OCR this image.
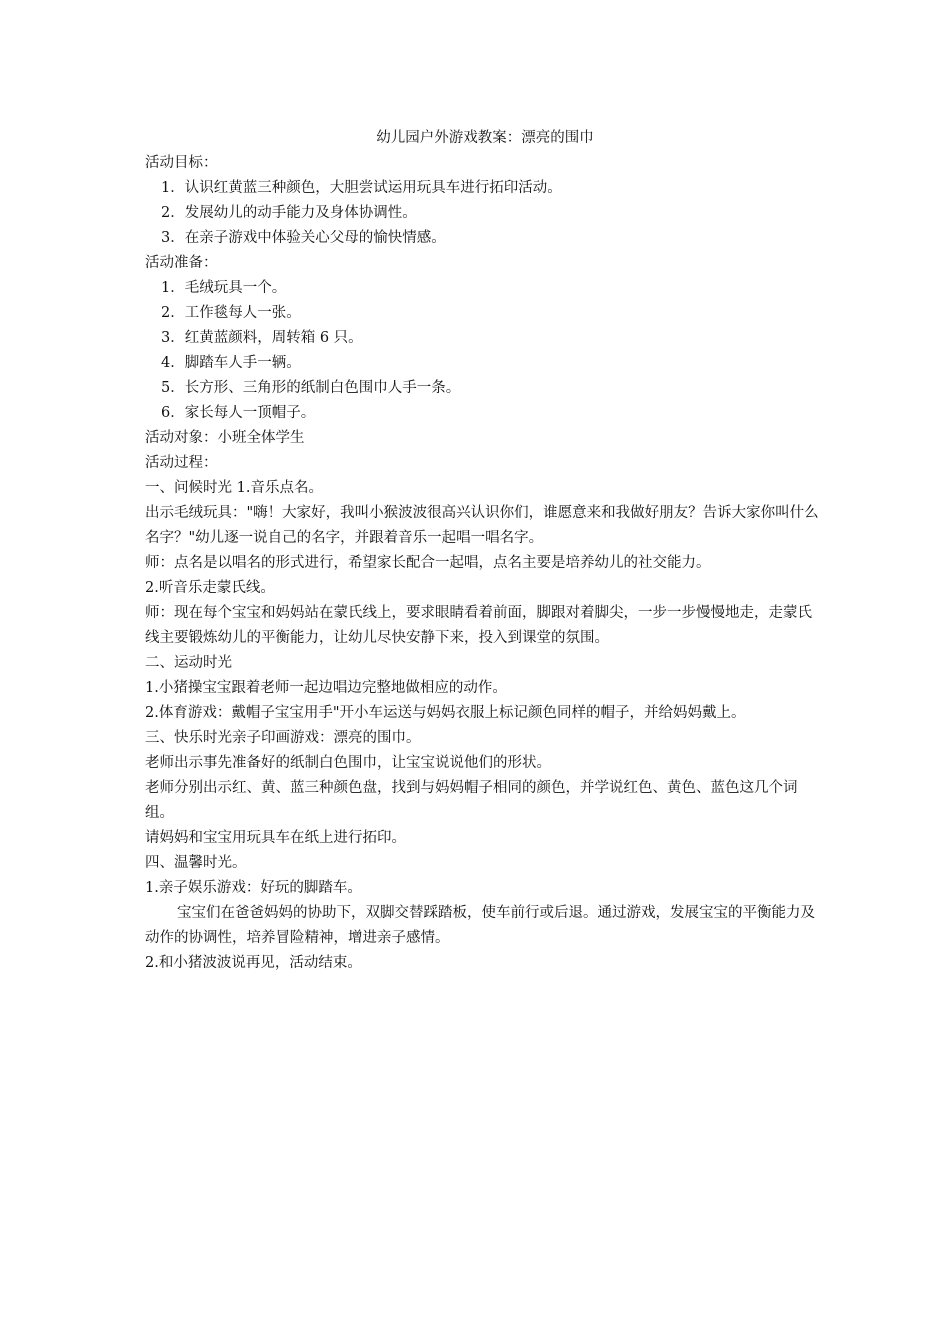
幼儿园户外游戏教案：漂亮的围巾

活动目标：

1．认识红黄蓝三种颜色，大胆尝试运用玩具车进行拓印活动。

2．发展幼儿的动手能力及身体协调性。

3．在亲子游戏中体验关心父母的愉快情感。

活动准备：

1．毛绒玩具一个。

2．工作毯每人一张。

3．红黄蓝颜料，周转箱 6 只。

4．脚踏车人手一辆。

5．长方形、三角形的纸制白色围巾人手一条。

6．家长每人一顶帽子。

活动对象：小班全体学生

活动过程：

一、问候时光 1.音乐点名。

出示毛绒玩具："嗨！大家好，我叫小猴波波很高兴认识你们，谁愿意来和我做好朋友？告诉大家你叫什么名字？"幼儿逐一说自己的名字，并跟着音乐一起唱一唱名字。

师：点名是以唱名的形式进行，希望家长配合一起唱，点名主要是培养幼儿的社交能力。

2.听音乐走蒙氏线。

师：现在每个宝宝和妈妈站在蒙氏线上，要求眼睛看着前面，脚跟对着脚尖，一步一步慢慢地走，走蒙氏线主要锻炼幼儿的平衡能力，让幼儿尽快安静下来，投入到课堂的氛围。

二、运动时光

1.小猪操宝宝跟着老师一起边唱边完整地做相应的动作。

2.体育游戏：戴帽子宝宝用手"开小车运送与妈妈衣服上标记颜色同样的帽子，并给妈妈戴上。

三、快乐时光亲子印画游戏：漂亮的围巾。

老师出示事先准备好的纸制白色围巾，让宝宝说说他们的形状。

老师分别出示红、黄、蓝三种颜色盘，找到与妈妈帽子相同的颜色，并学说红色、黄色、蓝色这几个词组。

请妈妈和宝宝用玩具车在纸上进行拓印。

四、温馨时光。

1.亲子娱乐游戏：好玩的脚踏车。

宝宝们在爸爸妈妈的协助下，双脚交替踩踏板，使车前行或后退。通过游戏，发展宝宝的平衡能力及动作的协调性，培养冒险精神，增进亲子感情。

2.和小猪波波说再见，活动结束。
